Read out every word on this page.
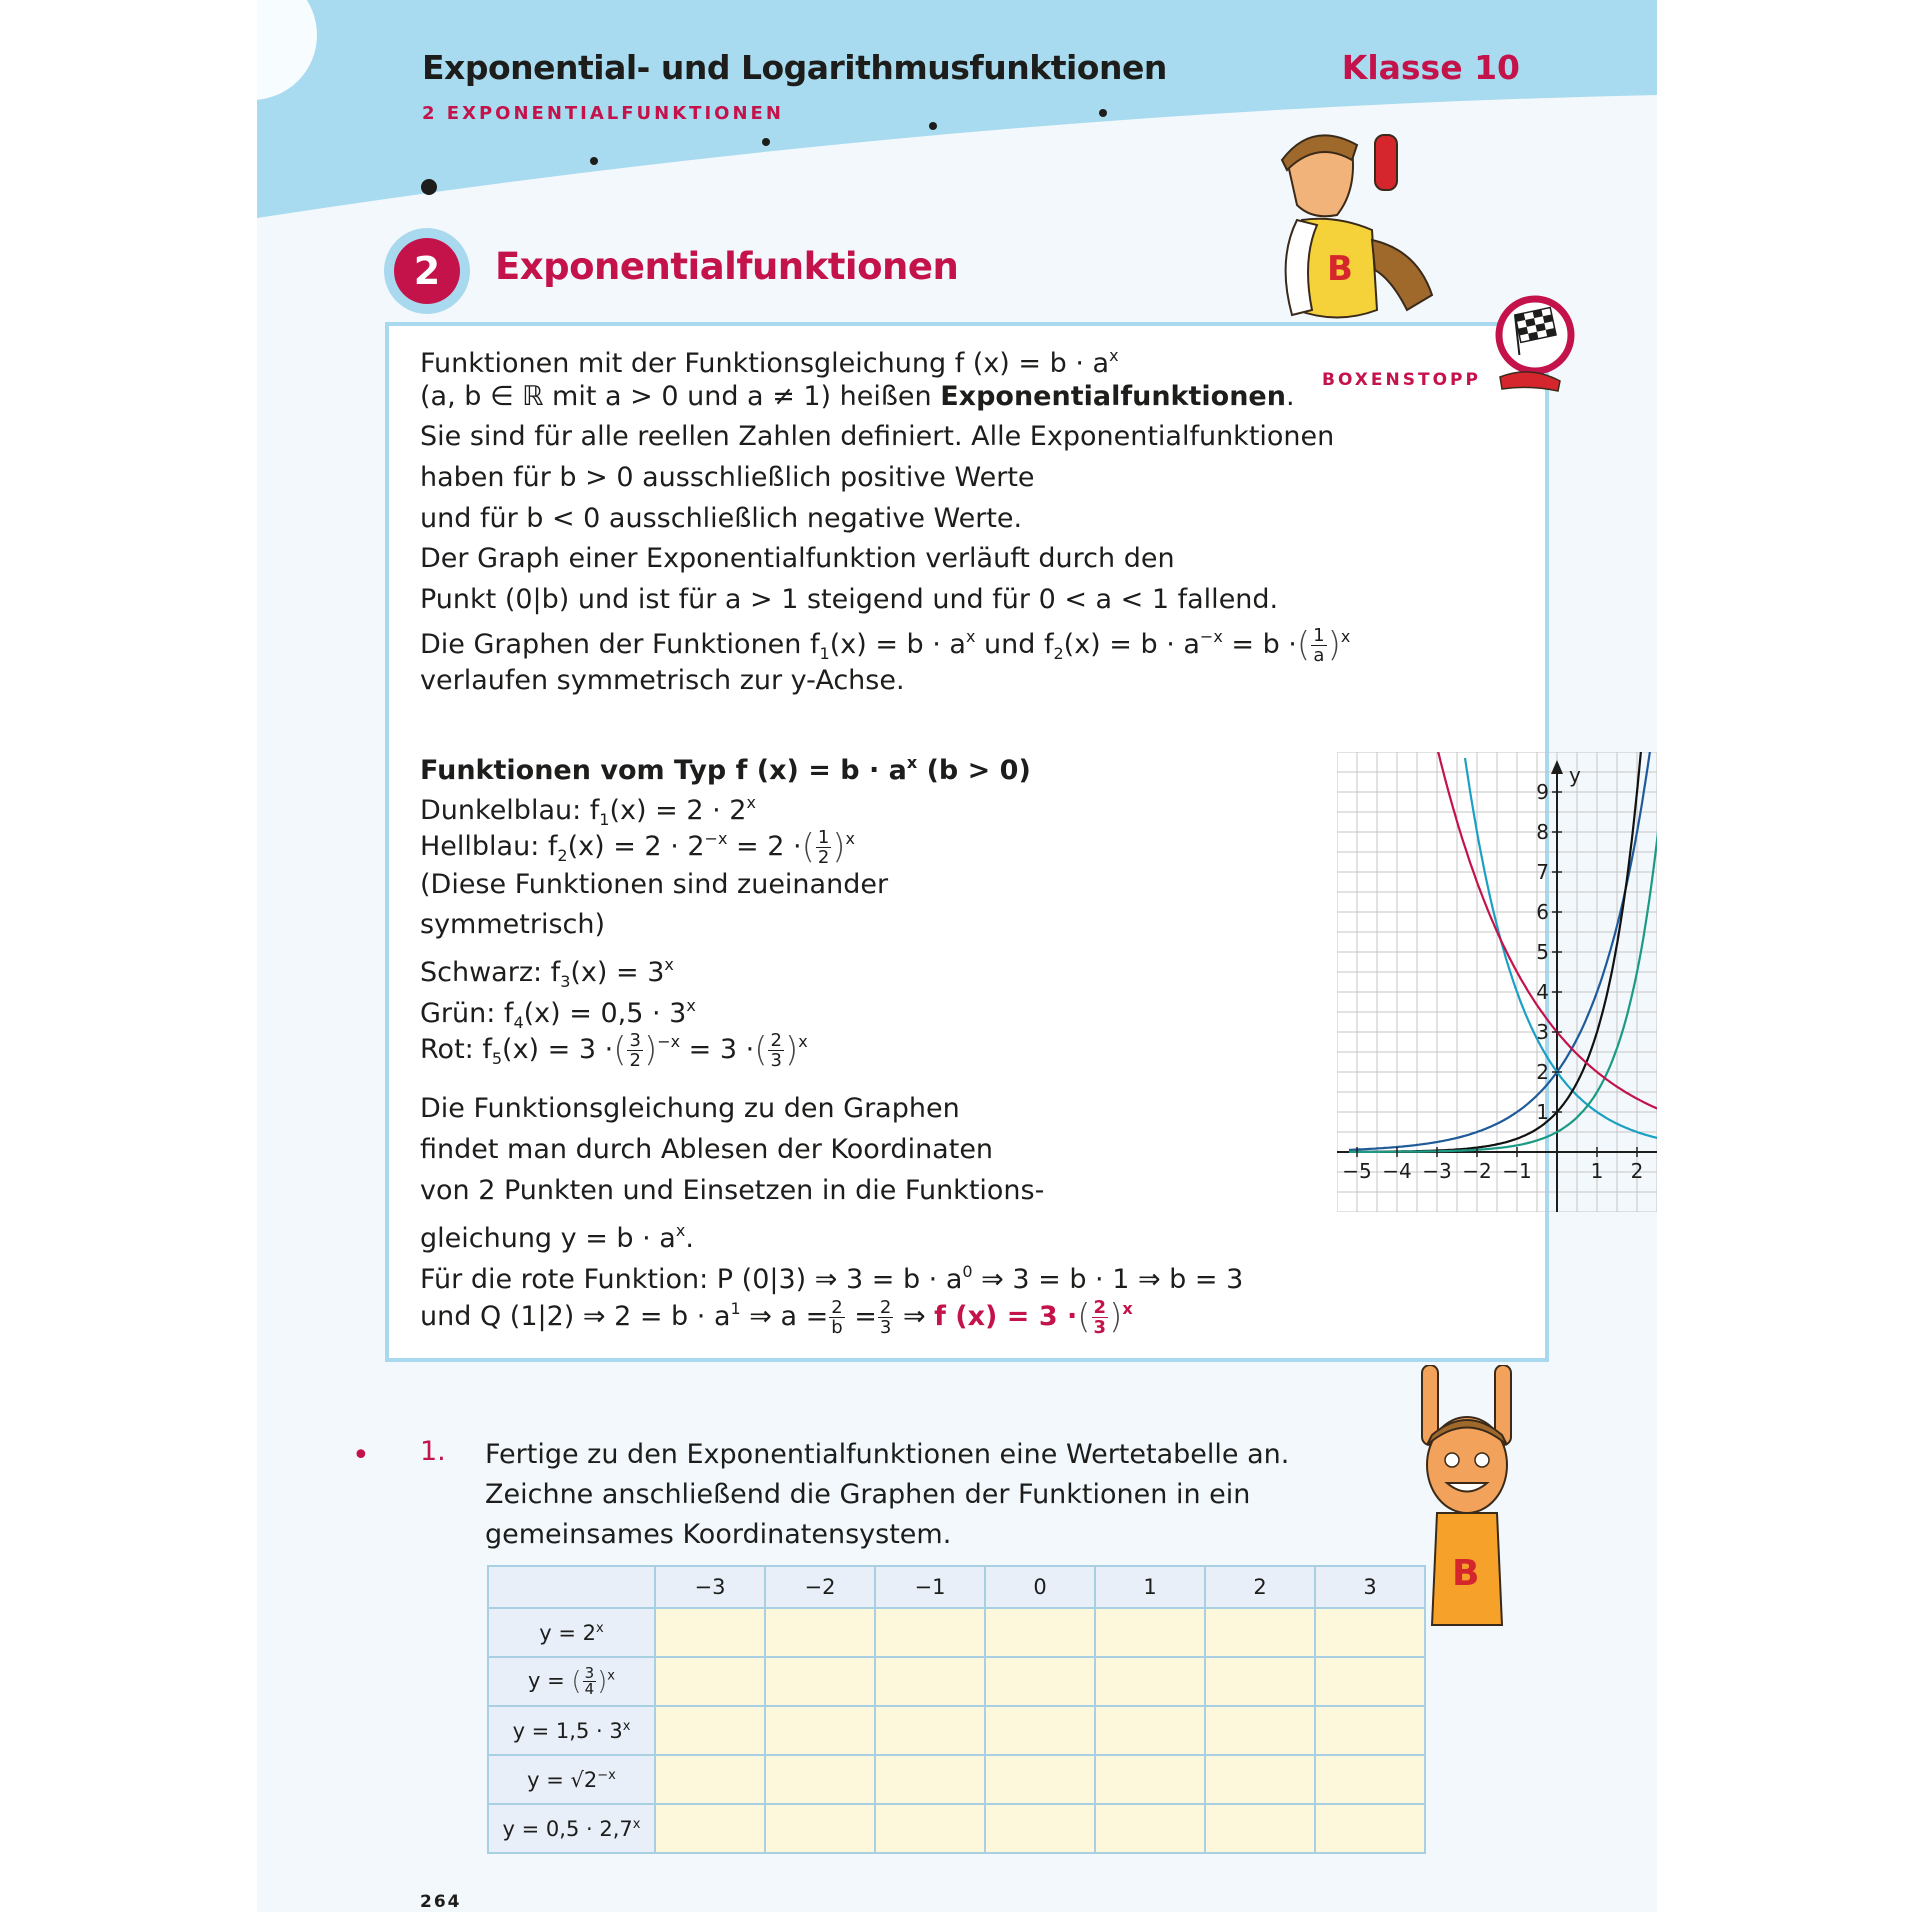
Exponential- und Logarithmusfunktionen	Klasse 10
2 EXPONENTIALFUNKTIONEN
2	Exponentialfunktionen	B
BOXENSTOPP
Funktionen mit der Funktionsgleichung f $(x) = b \cdot a^x$
(a, b ∈ ℝ mit a > 0 und a ≠ 1) heißen Exponentialfunktionen.
Sie sind für alle reellen Zahlen definiert. Alle Exponentialfunktionen
haben für b > 0 ausschließlich positive Werte
und für b < 0 ausschließlich negative Werte.
Der Graph einer Exponentialfunktion verläuft durch den
Punkt (0|b) und ist für a > 1 steigend und für 0 < a < 1 fallend.
Die Graphen der Funktionen $f_1(x) = b \cdot a^x$ und $f_2(x) = b \cdot a^{-x} = b$ ·( $\frac{1}{a} )^x$
verlaufen symmetrisch zur y-Achse.
Funktionen vom Typ f $(x) = b \cdot a^x$ (b > 0)
Dunkelblau: $f_1(x) = 2 \cdot 2^x$
Hellblau: $f_2(x) = 2 \cdot 2^{-x} = 2$ ·( $\frac{1}{2} )^x$
(Diese Funktionen sind zueinander
symmetrisch)
Schwarz: $f_3(x) = 3^x$
Grün: $f_4(x) = 0,5 \cdot 3^x$
Rot: $f_5(x) = 3$ ·( $\frac{3}{2} )^{-x} = 3$ ·( $\frac{2}{3} )^x$
Die Funktionsgleichung zu den Graphen
findet man durch Ablesen der Koordinaten
von 2 Punkten und Einsetzen in die Funktions-
gleichung $y = b \cdot a^x$.
Für die rote Funktion: P (0|3) ⇒ $3 = b \cdot a^0$ ⇒ 3 = b · 1 ⇒ b = 3
und Q (1|2) ⇒ $2 = b \cdot a^1$ ⇒ $a = \frac{2}{b} = \frac{2}{3}$ ⇒ f (x) = 3 ·( $\frac{2}{3} )^x$
x
y
−5 −4 −3 −2 −1	1 2 3 4
1
2
3
4
5
6
7
8
9
• 1. Fertige zu den Exponentialfunktionen eine Wertetabelle an.
Zeichne anschließend die Graphen der Funktionen in ein
gemeinsames Koordinatensystem.
B
	−3	−2	−1	0	1	2	3
$y = 2^x$							
y = ( $\frac{3}{4} )^x$							
$y = 1,5 \cdot 3^x$							
$y = √2^{-x}$							
$y = 0,5 \cdot 2,7^x$							
264
